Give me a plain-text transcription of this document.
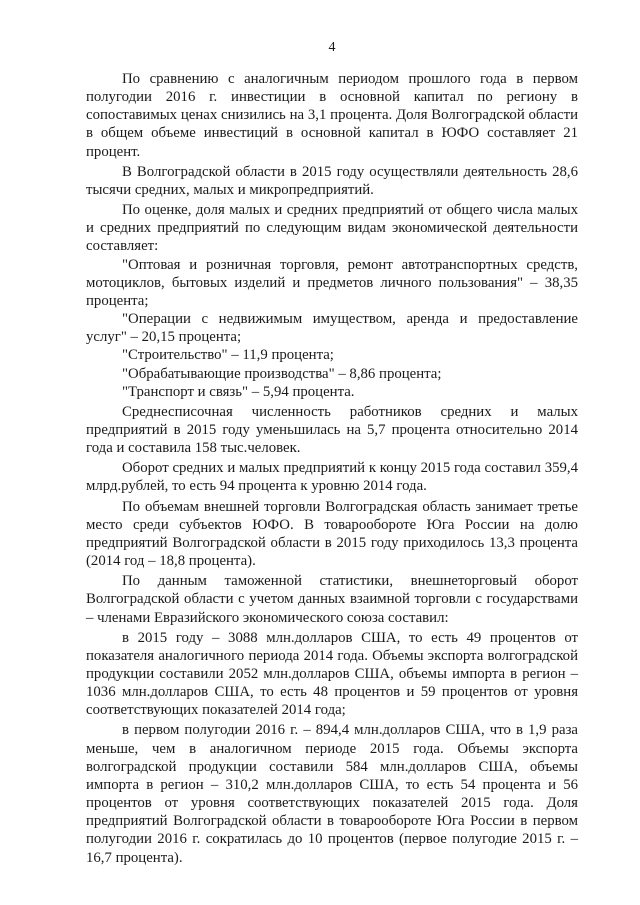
4

По сравнению с аналогичным периодом прошлого года в первом полугодии 2016 г. инвестиции в основной капитал по региону в сопоставимых ценах снизились на 3,1 процента. Доля Волгоградской области в общем объеме инвестиций в основной капитал в ЮФО составляет 21 процент.

В Волгоградской области в 2015 году осуществляли деятельность 28,6 тысячи средних, малых и микропредприятий.

По оценке, доля малых и средних предприятий от общего числа малых и средних предприятий по следующим видам экономической деятельности составляет:

"Оптовая и розничная торговля, ремонт автотранспортных средств, мотоциклов, бытовых изделий и предметов личного пользования" – 38,35 процента;

"Операции с недвижимым имуществом, аренда и предоставление услуг" – 20,15 процента;

"Строительство" – 11,9 процента;

"Обрабатывающие производства" – 8,86 процента;

"Транспорт и связь" – 5,94 процента.

Среднесписочная численность работников средних и малых предприятий в 2015 году уменьшилась на 5,7 процента относительно 2014 года и составила 158 тыс.человек.

Оборот средних и малых предприятий к концу 2015 года составил 359,4 млрд.рублей, то есть 94 процента к уровню 2014 года.

По объемам внешней торговли Волгоградская область занимает третье место среди субъектов ЮФО. В товарообороте Юга России на долю предприятий Волгоградской области в 2015 году приходилось 13,3 процента (2014 год – 18,8 процента).

По данным таможенной статистики, внешнеторговый оборот Волгоградской области с учетом данных взаимной торговли с государствами – членами Евразийского экономического союза составил:

в 2015 году – 3088 млн.долларов США, то есть 49 процентов от показателя аналогичного периода 2014 года. Объемы экспорта волгоградской продукции составили 2052 млн.долларов США, объемы импорта в регион – 1036 млн.долларов США, то есть 48 процентов и 59 процентов от уровня соответствующих показателей 2014 года;

в первом полугодии 2016 г. – 894,4 млн.долларов США, что в 1,9 раза меньше, чем в аналогичном периоде 2015 года. Объемы экспорта волгоградской продукции составили 584 млн.долларов США, объемы импорта в регион – 310,2 млн.долларов США, то есть 54 процента и 56 процентов от уровня соответствующих показателей 2015 года. Доля предприятий Волгоградской области в товарообороте Юга России в первом полугодии 2016 г. сократилась до 10 процентов (первое полугодие 2015 г. – 16,7 процента).
